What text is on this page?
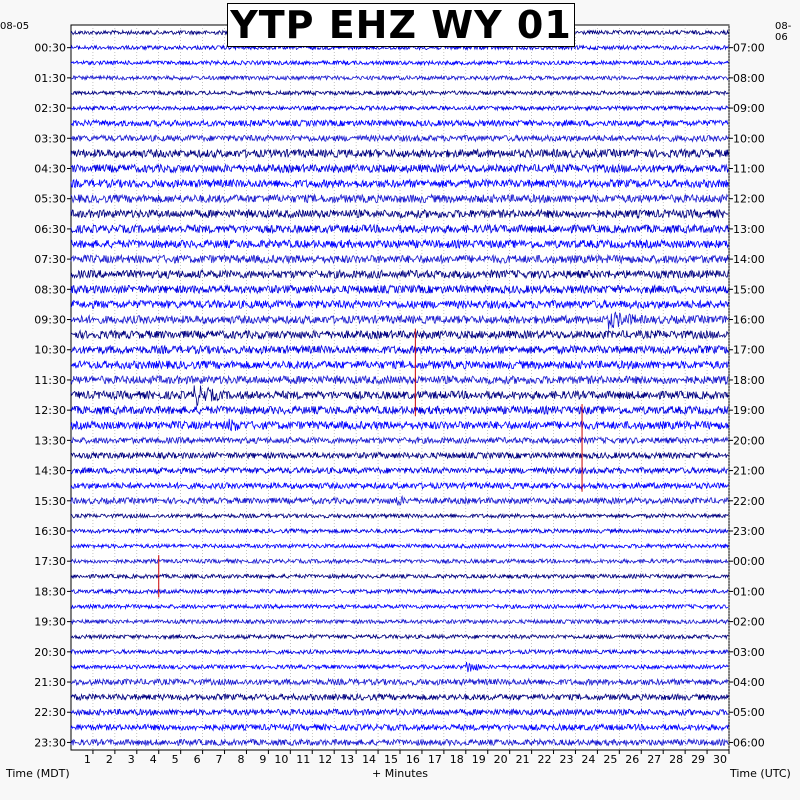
1 2 3 4 5 6 7 8 9 10 11 12 13 14 15 16 17 18 19 20 21 22 23 24 25 26 27 28 29 30
00:30
01:30
02:30
03:30
04:30
05:30
06:30
07:30
08:30
09:30
10:30
11:30
12:30
13:30
14:30
15:30
16:30
17:30
18:30
19:30
20:30
21:30
22:30
23:30
07:00
08:00
09:00
10:00
11:00
12:00
13:00
14:00
15:00
16:00
17:00
18:00
19:00
20:00
21:00
22:00
23:00
00:00
01:00
02:00
03:00
04:00
05:00
06:00
YTP EHZ WY 01
08-05	08-06
Time (MDT)	+ Minutes	Time (UTC)
